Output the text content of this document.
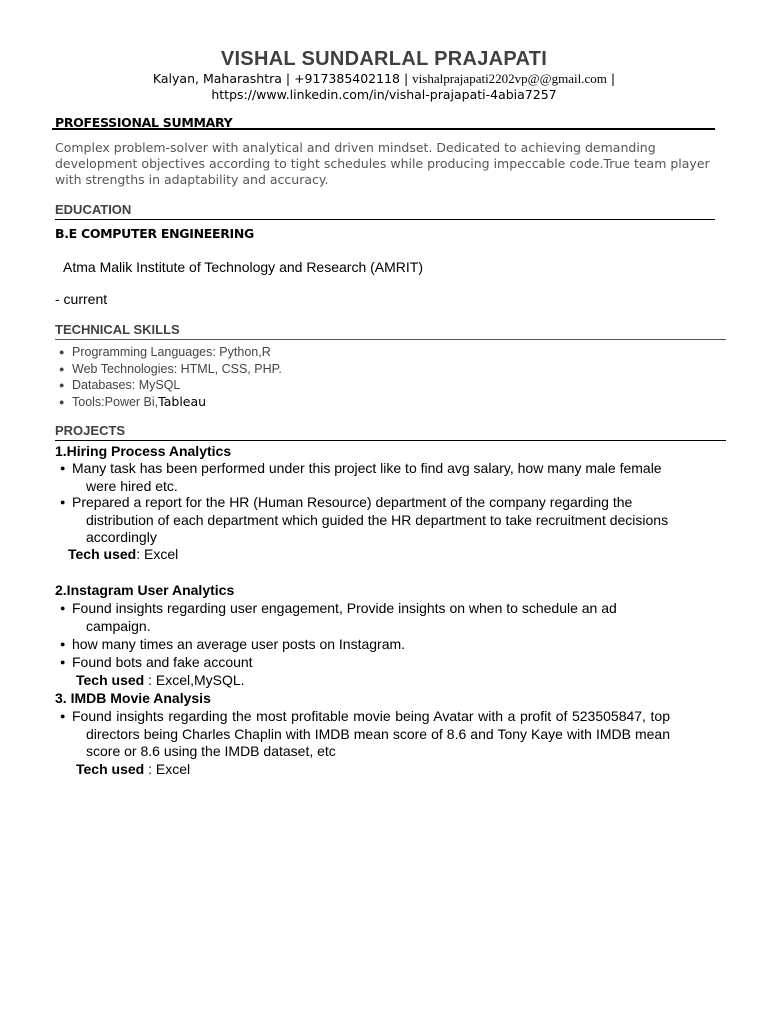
VISHAL SUNDARLAL PRAJAPATI
Kalyan, Maharashtra | +917385402118 | vishalprajapati2202vp@@gmail.com |
https://www.linkedin.com/in/vishal-prajapati-4abia7257
PROFESSIONAL SUMMARY
Complex problem-solver with analytical and driven mindset. Dedicated to achieving demanding development objectives according to tight schedules while producing impeccable code.True team player with strengths in adaptability and accuracy.
EDUCATION
B.E COMPUTER ENGINEERING
Atma Malik Institute of Technology and Research (AMRIT)
- current
TECHNICAL SKILLS
● Programming Languages: Python,R
● Web Technologies: HTML, CSS, PHP.
● Databases: MySQL
● Tools:Power Bi,Tableau
PROJECTS
1.Hiring Process Analytics
● Many task has been performed under this project like to find avg salary, how many male female were hired etc.
● Prepared a report for the HR (Human Resource) department of the company regarding the distribution of each department which guided the HR department to take recruitment decisions accordingly
Tech used: Excel
2.Instagram User Analytics
● Found insights regarding user engagement, Provide insights on when to schedule an ad campaign.
● how many times an average user posts on Instagram.
● Found bots and fake account
Tech used : Excel,MySQL.
3. IMDB Movie Analysis
● Found insights regarding the most profitable movie being Avatar with a profit of 523505847, top directors being Charles Chaplin with IMDB mean score of 8.6 and Tony Kaye with IMDB mean score or 8.6 using the IMDB dataset, etc
Tech used : Excel
